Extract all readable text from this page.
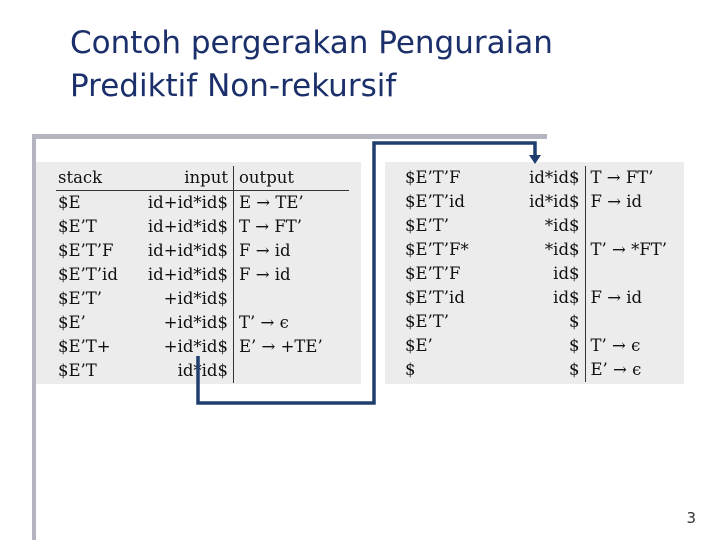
Contoh pergerakan Penguraian
Prediktif Non-rekursif
stack	input	output
$E	id+id*id$	E → TE’
$E’T	id+id*id$	T → FT’
$E’T’F	id+id*id$	F → id
$E’T’id	id+id*id$	F → id
$E’T’	+id*id$	
$E’	+id*id$	T’ → ϵ
$E’T+	+id*id$	E’ → +TE’
$E’T	id*id$	
$E’T’F	id*id$	T → FT’
$E’T’id	id*id$	F → id
$E’T’	*id$	
$E’T’F*	*id$	T’ → *FT’
$E’T’F	id$	
$E’T’id	id$	F → id
$E’T’	$	
$E’	$	T’ → ϵ
$	$	E’ → ϵ
3
